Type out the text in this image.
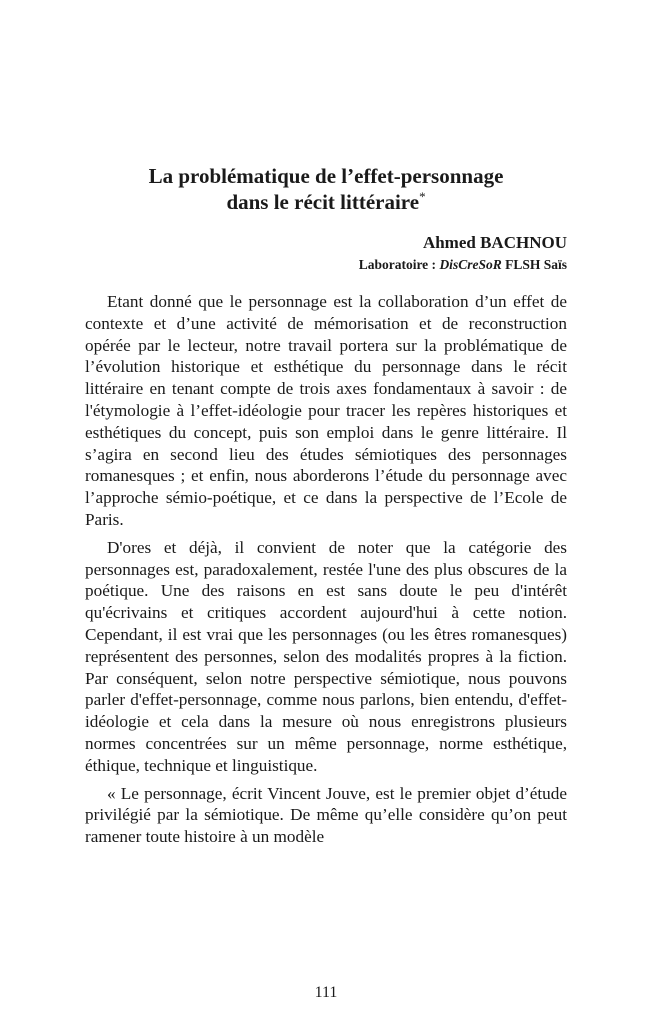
La problématique de l’effet-personnage
dans le récit littéraire*
Ahmed BACHNOU
Laboratoire : DisCreSoR FLSH Saïs

Etant donné que le personnage est la collaboration d’un effet de contexte et d’une activité de mémorisation et de reconstruction opérée par le lecteur, notre travail portera sur la problématique de l’évolution historique et esthétique du personnage dans le récit littéraire en tenant compte de trois axes fondamentaux à savoir : de l'étymologie à l’effet-idéologie pour tracer les repères historiques et esthétiques du concept, puis son emploi dans le genre littéraire. Il s’agira en second lieu des études sémiotiques des personnages romanesques ; et enfin, nous aborderons l’étude du personnage avec l’approche sémio-poétique, et ce dans la perspective de l’Ecole de Paris.

D'ores et déjà, il convient de noter que la catégorie des personnages est, paradoxalement, restée l'une des plus obscures de la poétique. Une des raisons en est sans doute le peu d'intérêt qu'écrivains et critiques accordent aujourd'hui à cette notion. Cependant, il est vrai que les personnages (ou les êtres romanesques) représentent des personnes, selon des modalités propres à la fiction. Par conséquent, selon notre perspective sémiotique, nous pouvons parler d'effet-personnage, comme nous parlons, bien entendu, d'effet-idéologie et cela dans la mesure où nous enregistrons plusieurs normes concentrées sur un même personnage, norme esthétique, éthique, technique et linguistique.

« Le personnage, écrit Vincent Jouve, est le premier objet d’étude privilégié par la sémiotique. De même qu’elle considère qu’on peut ramener toute histoire à un modèle

111
